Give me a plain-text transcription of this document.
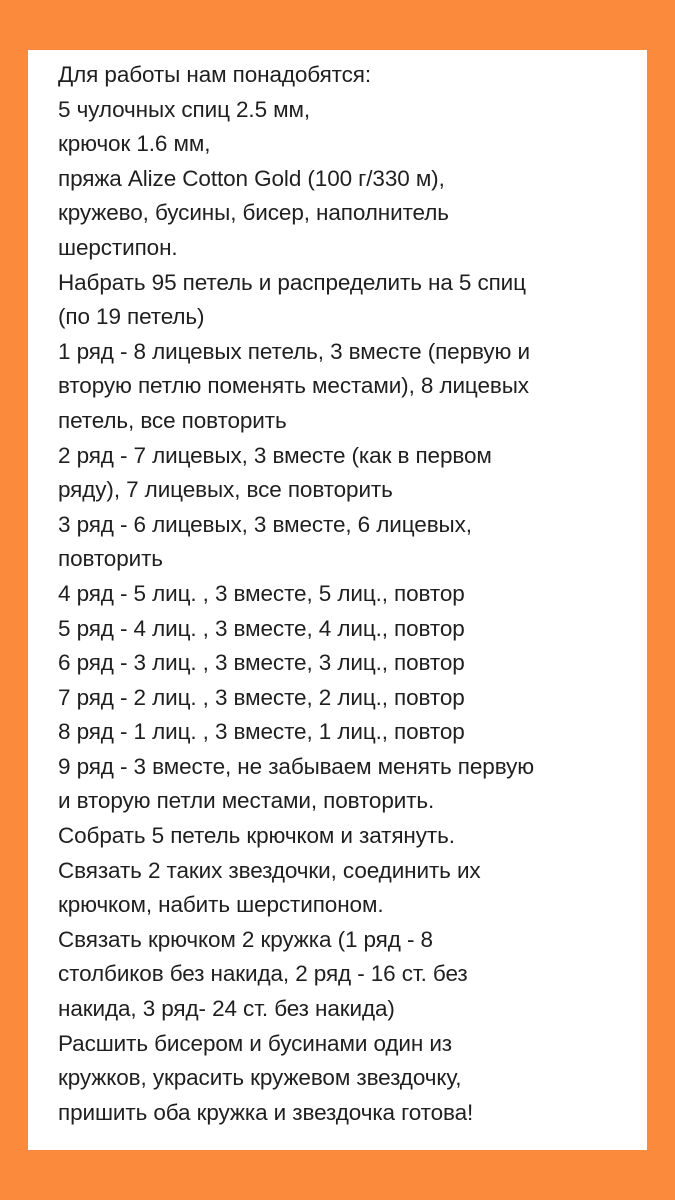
Для работы нам понадобятся:
5 чулочных спиц 2.5 мм,
крючок 1.6 мм,
пряжа Alize Cotton Gold (100 г/330 м),
кружево, бусины, бисер, наполнитель
шерстипон.
Набрать 95 петель и распределить на 5 спиц
(по 19 петель)
1 ряд - 8 лицевых петель, 3 вместе (первую и
вторую петлю поменять местами), 8 лицевых
петель, все повторить
2 ряд - 7 лицевых, 3 вместе (как в первом
ряду), 7 лицевых, все повторить
3 ряд - 6 лицевых, 3 вместе, 6 лицевых,
повторить
4 ряд - 5 лиц. , 3 вместе, 5 лиц., повтор
5 ряд - 4 лиц. , 3 вместе, 4 лиц., повтор
6 ряд - 3 лиц. , 3 вместе, 3 лиц., повтор
7 ряд - 2 лиц. , 3 вместе, 2 лиц., повтор
8 ряд - 1 лиц. , 3 вместе, 1 лиц., повтор
9 ряд - 3 вместе, не забываем менять первую
и вторую петли местами, повторить.
Собрать 5 петель крючком и затянуть.
Связать 2 таких звездочки, соединить их
крючком, набить шерстипоном.
Связать крючком 2 кружка (1 ряд - 8
столбиков без накида, 2 ряд - 16 ст. без
накида, 3 ряд- 24 ст. без накида)
Расшить бисером и бусинами один из
кружков, украсить кружевом звездочку,
пришить оба кружка и звездочка готова!
